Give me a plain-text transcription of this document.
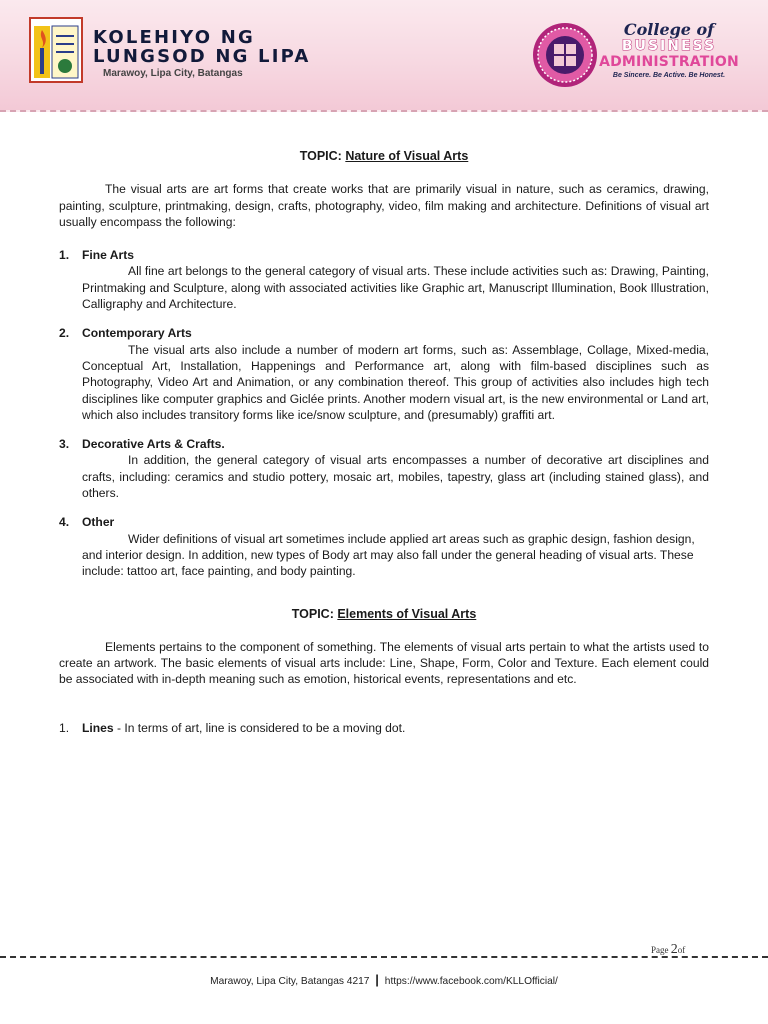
KOLEHIYO NG
LUNGSOD NG LIPA
Marawoy, Lipa City, Batangas
College of
BUSINESS
ADMINISTRATION
Be Sincere. Be Active. Be Honest.
TOPIC: Nature of Visual Arts

The visual arts are art forms that create works that are primarily visual in nature, such as ceramics, drawing, painting, sculpture, printmaking, design, crafts, photography, video, film making and architecture. Definitions of visual art usually encompass the following:

1.	Fine Arts
All fine art belongs to the general category of visual arts. These include activities such as: Drawing, Painting, Printmaking and Sculpture, along with associated activities like Graphic art, Manuscript Illumination, Book Illustration, Calligraphy and Architecture.
2.	Contemporary Arts
The visual arts also include a number of modern art forms, such as: Assemblage, Collage, Mixed-media, Conceptual Art, Installation, Happenings and Performance art, along with film-based disciplines such as Photography, Video Art and Animation, or any combination thereof. This group of activities also includes high tech disciplines like computer graphics and Giclée prints. Another modern visual art, is the new environmental or Land art, which also includes transitory forms like ice/snow sculpture, and (presumably) graffiti art.
3.	Decorative Arts & Crafts.
In addition, the general category of visual arts encompasses a number of decorative art disciplines and crafts, including: ceramics and studio pottery, mosaic art, mobiles, tapestry, glass art (including stained glass), and others.
4.	Other
Wider definitions of visual art sometimes include applied art areas such as graphic design, fashion design, and interior design. In addition, new types of Body art may also fall under the general heading of visual arts. These include: tattoo art, face painting, and body painting.
TOPIC: Elements of Visual Arts

Elements pertains to the component of something. The elements of visual arts pertain to what the artists used to create an artwork. The basic elements of visual arts include: Line, Shape, Form, Color and Texture. Each element could be associated with in-depth meaning such as emotion, historical events, representations and etc.

1.	Lines - In terms of art, line is considered to be a moving dot.
Page 2of
Marawoy, Lipa City, Batangas 4217 | https://www.facebook.com/KLLOfficial/
